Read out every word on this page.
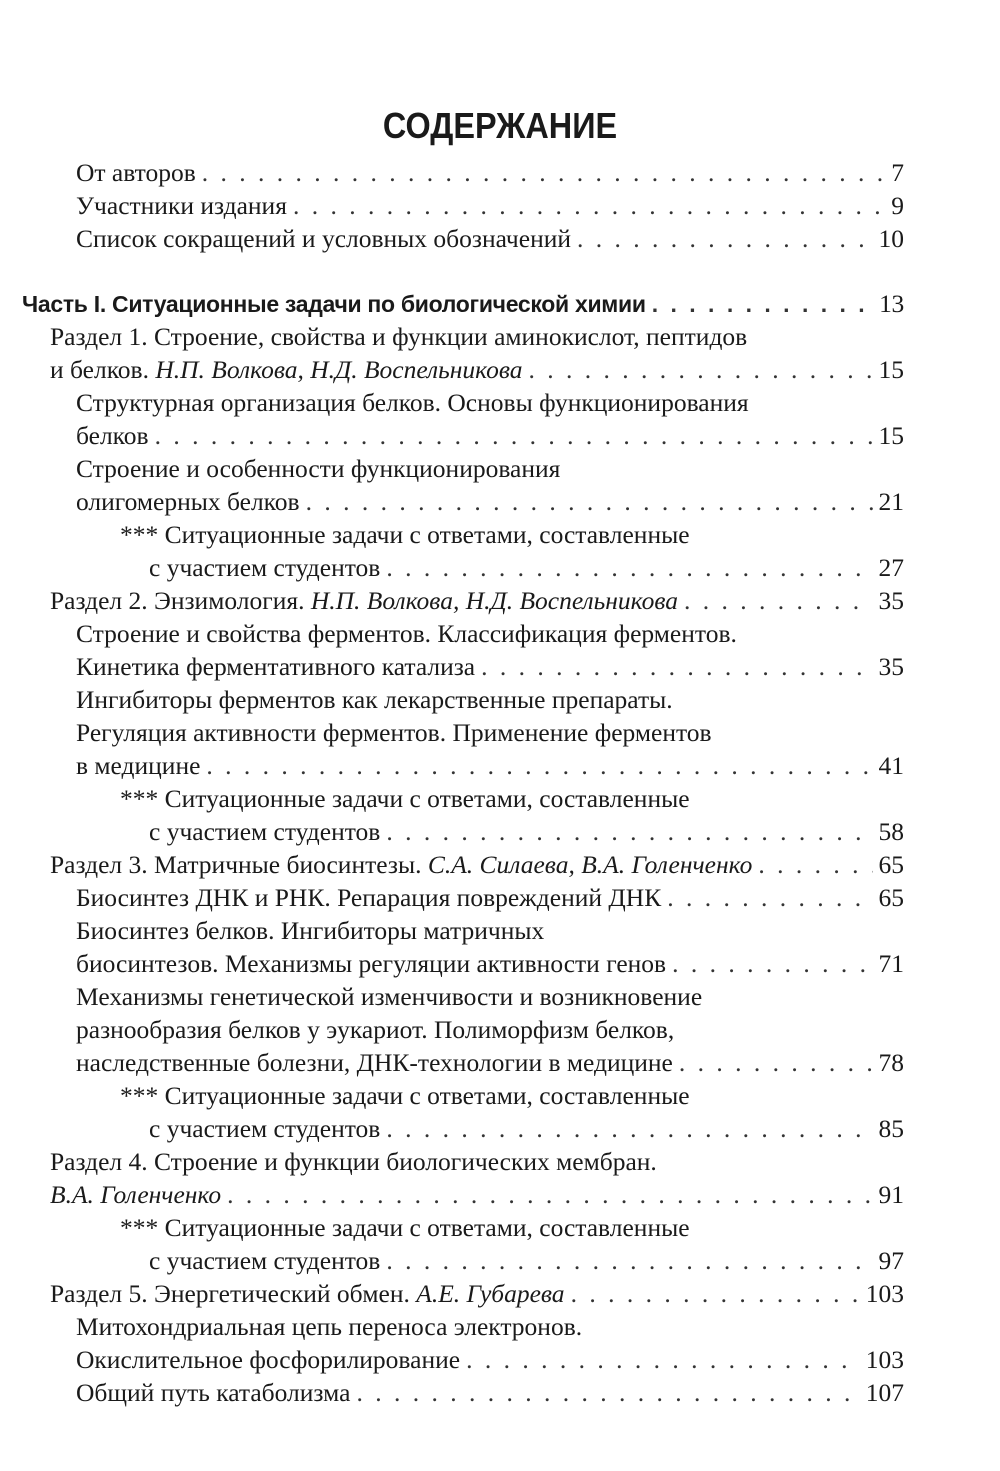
СОДЕРЖАНИЕ
От авторов . . .	7
Участники издания . . .	9
Список сокращений и условных обозначений . . .	10
Часть I. Ситуационные задачи по биологической химии . . .	13
Раздел 1. Строение, свойства и функции аминокислот, пептидов
и белков. Н.П. Волкова, Н.Д. Воспельникова . . .	15
Структурная организация белков. Основы функционирования
белков . . .	15
Строение и особенности функционирования
олигомерных белков . . .	21
*** Ситуационные задачи с ответами, составленные
с участием студентов . . .	27
Раздел 2. Энзимология. Н.П. Волкова, Н.Д. Воспельникова . . .	35
Строение и свойства ферментов. Классификация ферментов.
Кинетика ферментативного катализа . . .	35
Ингибиторы ферментов как лекарственные препараты.
Регуляция активности ферментов. Применение ферментов
в медицине . . .	41
*** Ситуационные задачи с ответами, составленные
с участием студентов . . .	58
Раздел 3. Матричные биосинтезы. С.А. Силаева, В.А. Голенченко . . .	65
Биосинтез ДНК и РНК. Репарация повреждений ДНК . . .	65
Биосинтез белков. Ингибиторы матричных
биосинтезов. Механизмы регуляции активности генов . . .	71
Механизмы генетической изменчивости и возникновение
разнообразия белков у эукариот. Полиморфизм белков,
наследственные болезни, ДНК-технологии в медицине . . .	78
*** Ситуационные задачи с ответами, составленные
с участием студентов . . .	85
Раздел 4. Строение и функции биологических мембран.
В.А. Голенченко . . .	91
*** Ситуационные задачи с ответами, составленные
с участием студентов . . .	97
Раздел 5. Энергетический обмен. А.Е. Губарева . . .	103
Митохондриальная цепь переноса электронов.
Окислительное фосфорилирование . . .	103
Общий путь катаболизма . . .	107
